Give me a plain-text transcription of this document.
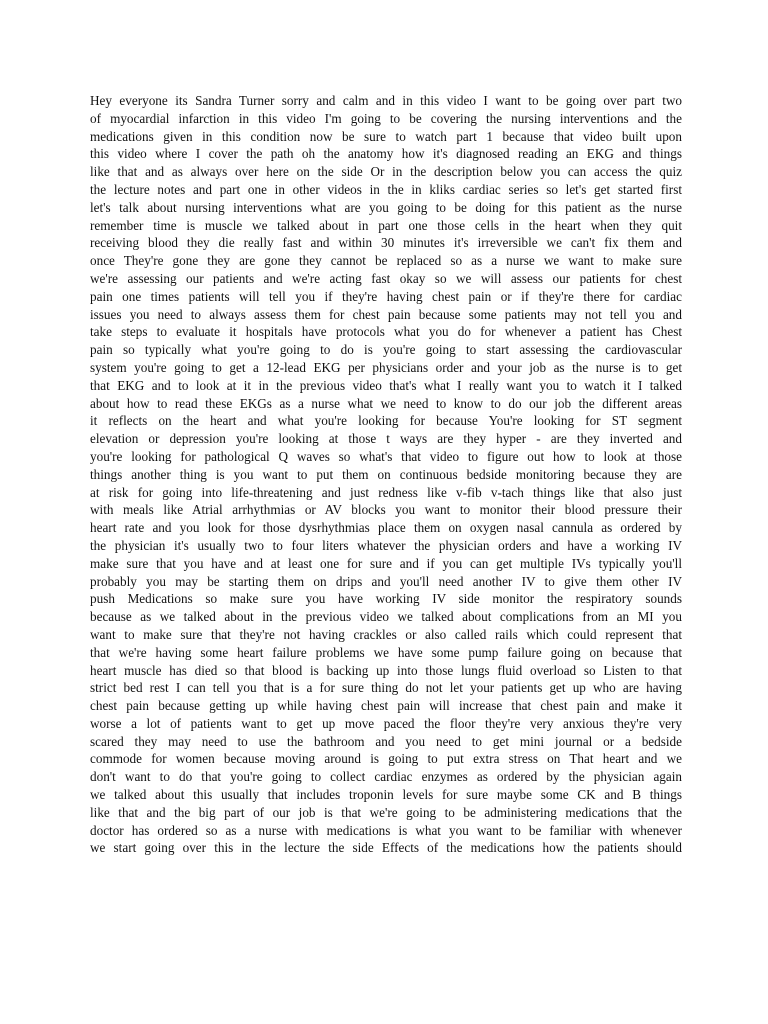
Hey everyone its Sandra Turner sorry and calm and in this video I want to be going over part two
of myocardial infarction in this video I'm going to be covering the nursing interventions and the
medications given in this condition now be sure to watch part 1 because that video built upon
this video where I cover the path oh the anatomy how it's diagnosed reading an EKG and things
like that and as always over here on the side Or in the description below you can access the quiz
the lecture notes and part one in other videos in the in kliks cardiac series so let's get started first
let's talk about nursing interventions what are you going to be doing for this patient as the nurse
remember time is muscle we talked about in part one those cells in the heart when they quit
receiving blood they die really fast and within 30 minutes it's irreversible we can't fix them and
once They're gone they are gone they cannot be replaced so as a nurse we want to make sure
we're assessing our patients and we're acting fast okay so we will assess our patients for chest
pain one times patients will tell you if they're having chest pain or if they're there for cardiac
issues you need to always assess them for chest pain because some patients may not tell you and
take steps to evaluate it hospitals have protocols what you do for whenever a patient has Chest
pain so typically what you're going to do is you're going to start assessing the cardiovascular
system you're going to get a 12-lead EKG per physicians order and your job as the nurse is to get
that EKG and to look at it in the previous video that's what I really want you to watch it I talked
about how to read these EKGs as a nurse what we need to know to do our job the different areas
it reflects on the heart and what you're looking for because You're looking for ST segment
elevation or depression you're looking at those t ways are they hyper - are they inverted and
you're looking for pathological Q waves so what's that video to figure out how to look at those
things another thing is you want to put them on continuous bedside monitoring because they are
at risk for going into life-threatening and just redness like v-fib v-tach things like that also just
with meals like Atrial arrhythmias or AV blocks you want to monitor their blood pressure their
heart rate and you look for those dysrhythmias place them on oxygen nasal cannula as ordered by
the physician it's usually two to four liters whatever the physician orders and have a working IV
make sure that you have and at least one for sure and if you can get multiple IVs typically you'll
probably you may be starting them on drips and you'll need another IV to give them other IV
push Medications so make sure you have working IV side monitor the respiratory sounds
because as we talked about in the previous video we talked about complications from an MI you
want to make sure that they're not having crackles or also called rails which could represent that
that we're having some heart failure problems we have some pump failure going on because that
heart muscle has died so that blood is backing up into those lungs fluid overload so Listen to that
strict bed rest I can tell you that is a for sure thing do not let your patients get up who are having
chest pain because getting up while having chest pain will increase that chest pain and make it
worse a lot of patients want to get up move paced the floor they're very anxious they're very
scared they may need to use the bathroom and you need to get mini journal or a bedside
commode for women because moving around is going to put extra stress on That heart and we
don't want to do that you're going to collect cardiac enzymes as ordered by the physician again
we talked about this usually that includes troponin levels for sure maybe some CK and B things
like that and the big part of our job is that we're going to be administering medications that the
doctor has ordered so as a nurse with medications is what you want to be familiar with whenever
we start going over this in the lecture the side Effects of the medications how the patients should
